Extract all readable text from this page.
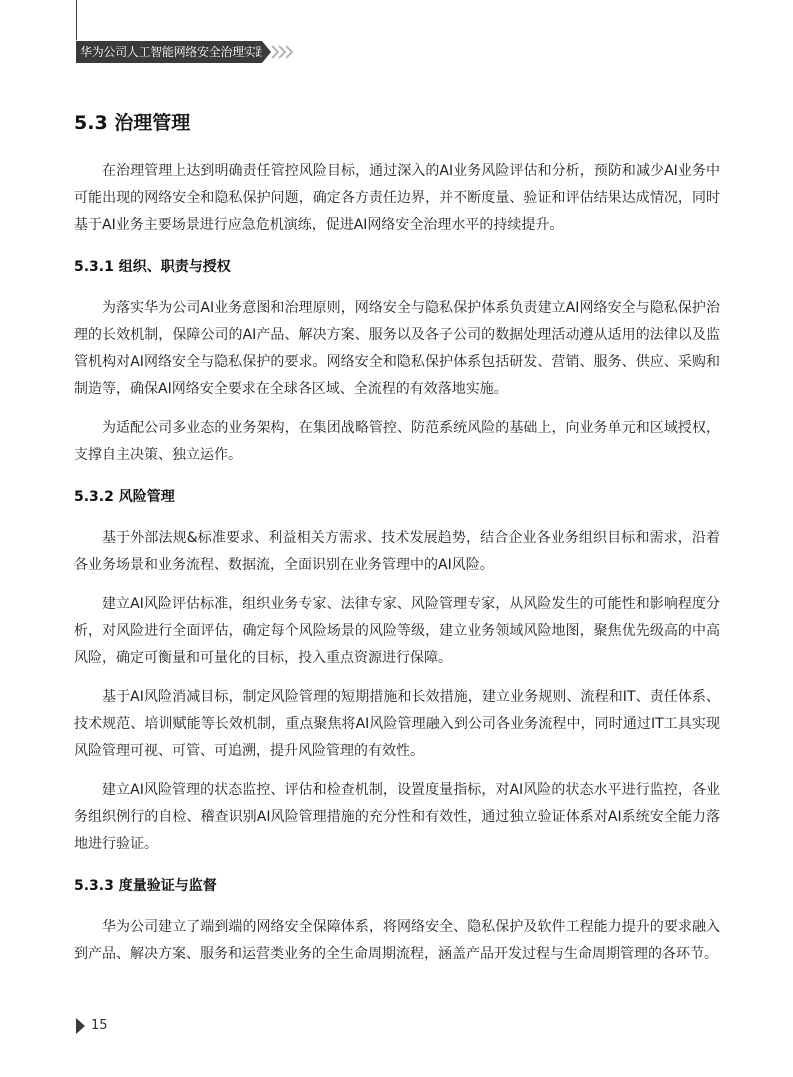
华为公司人工智能网络安全治理实践
5.3 治理管理

在治理管理上达到明确责任管控风险目标，通过深入的AI业务风险评估和分析，预防和减少AI业务中可能出现的网络安全和隐私保护问题，确定各方责任边界，并不断度量、验证和评估结果达成情况，同时基于AI业务主要场景进行应急危机演练，促进AI网络安全治理水平的持续提升。

5.3.1 组织、职责与授权

为落实华为公司AI业务意图和治理原则，网络安全与隐私保护体系负责建立AI网络安全与隐私保护治理的长效机制，保障公司的AI产品、解决方案、服务以及各子公司的数据处理活动遵从适用的法律以及监管机构对AI网络安全与隐私保护的要求。网络安全和隐私保护体系包括研发、营销、服务、供应、采购和制造等，确保AI网络安全要求在全球各区域、全流程的有效落地实施。

为适配公司多业态的业务架构，在集团战略管控、防范系统风险的基础上，向业务单元和区域授权，支撑自主决策、独立运作。

5.3.2 风险管理

基于外部法规&标准要求、利益相关方需求、技术发展趋势，结合企业各业务组织目标和需求，沿着各业务场景和业务流程、数据流，全面识别在业务管理中的AI风险。

建立AI风险评估标准，组织业务专家、法律专家、风险管理专家，从风险发生的可能性和影响程度分析，对风险进行全面评估，确定每个风险场景的风险等级，建立业务领域风险地图，聚焦优先级高的中高风险，确定可衡量和可量化的目标，投入重点资源进行保障。

基于AI风险消减目标，制定风险管理的短期措施和长效措施，建立业务规则、流程和IT、责任体系、技术规范、培训赋能等长效机制，重点聚焦将AI风险管理融入到公司各业务流程中，同时通过IT工具实现风险管理可视、可管、可追溯，提升风险管理的有效性。

建立AI风险管理的状态监控、评估和检查机制，设置度量指标，对AI风险的状态水平进行监控，各业务组织例行的自检、稽查识别AI风险管理措施的充分性和有效性，通过独立验证体系对AI系统安全能力落地进行验证。

5.3.3 度量验证与监督

华为公司建立了端到端的网络安全保障体系，将网络安全、隐私保护及软件工程能力提升的要求融入到产品、解决方案、服务和运营类业务的全生命周期流程，涵盖产品开发过程与生命周期管理的各环节。

15
